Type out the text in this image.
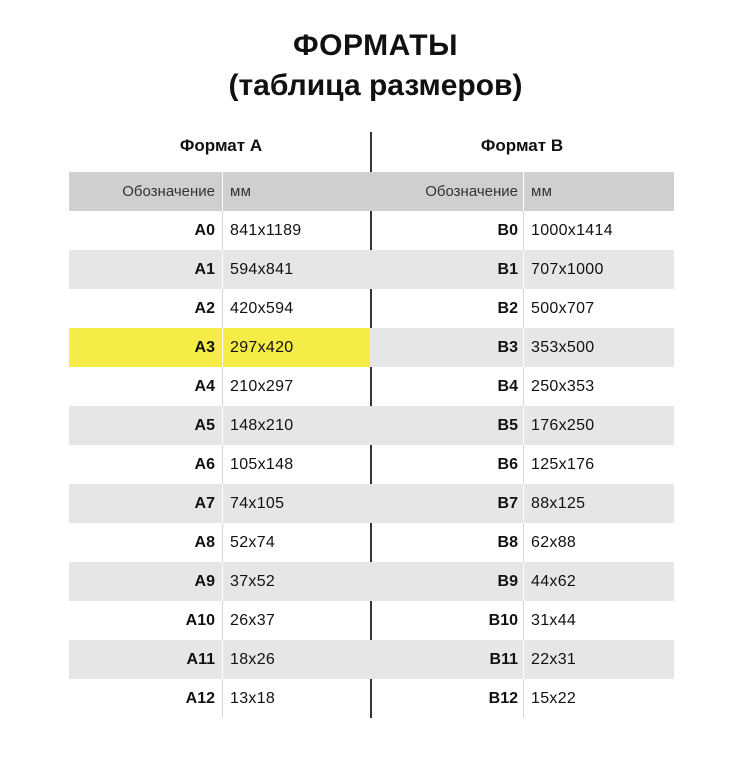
ФОРМАТЫ
(таблица размеров)
Формат A
Обозначение мм
A0 841x1189
A1 594x841
A2 420x594
A3 297x420
A4 210x297
A5 148x210
A6 105x148
A7 74x105
A8 52x74
A9 37x52
A10 26x37
A11 18x26
A12 13x18
Формат B
Обозначение мм
B0 1000x1414
B1 707x1000
B2 500x707
B3 353x500
B4 250x353
B5 176x250
B6 125x176
B7 88x125
B8 62x88
B9 44x62
B10 31x44
B11 22x31
B12 15x22
